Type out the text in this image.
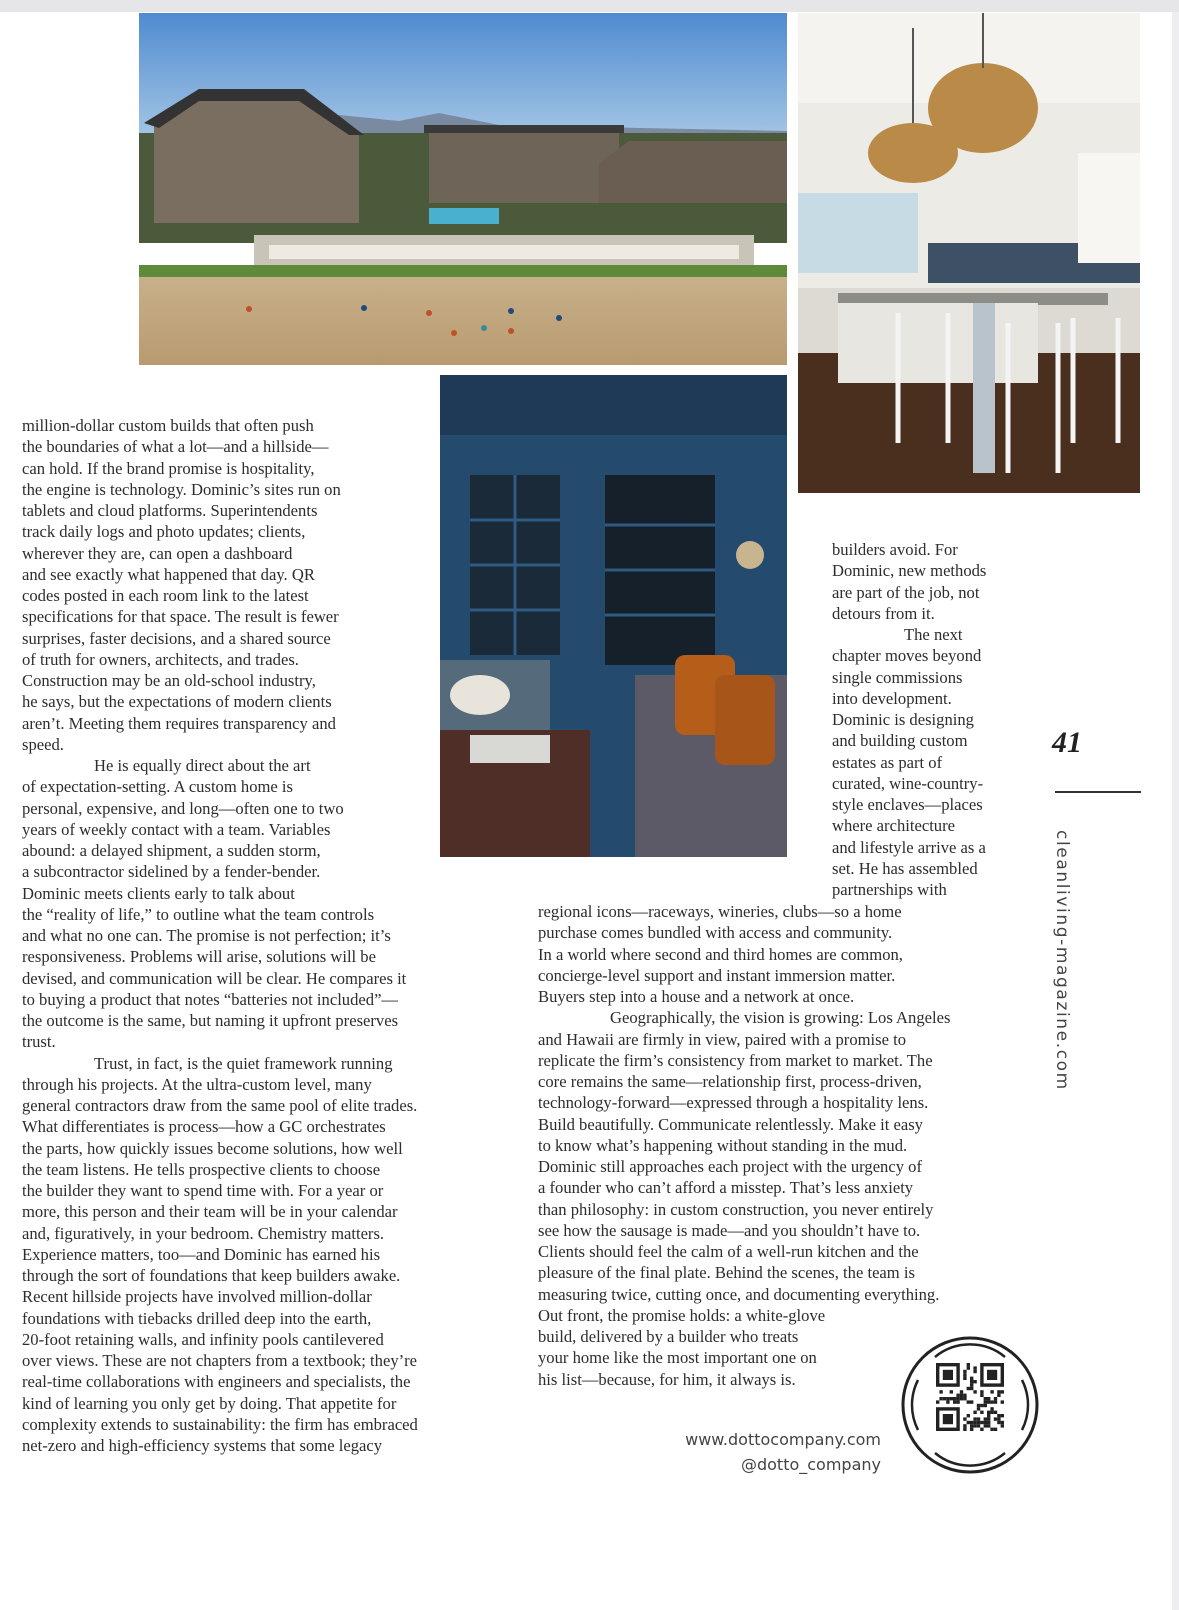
million-dollar custom builds that often push
the boundaries of what a lot—and a hillside—
can hold. If the brand promise is hospitality,
the engine is technology. Dominic’s sites run on
tablets and cloud platforms. Superintendents
track daily logs and photo updates; clients,
wherever they are, can open a dashboard
and see exactly what happened that day. QR
codes posted in each room link to the latest
specifications for that space. The result is fewer
surprises, faster decisions, and a shared source
of truth for owners, architects, and trades.
Construction may be an old-school industry,
he says, but the expectations of modern clients
aren’t. Meeting them requires transparency and
speed.
He is equally direct about the art
of expectation-setting. A custom home is
personal, expensive, and long—often one to two
years of weekly contact with a team. Variables
abound: a delayed shipment, a sudden storm,
a subcontractor sidelined by a fender-bender.
Dominic meets clients early to talk about
the “reality of life,” to outline what the team controls
and what no one can. The promise is not perfection; it’s
responsiveness. Problems will arise, solutions will be
devised, and communication will be clear. He compares it
to buying a product that notes “batteries not included”—
the outcome is the same, but naming it upfront preserves
trust.
Trust, in fact, is the quiet framework running
through his projects. At the ultra-custom level, many
general contractors draw from the same pool of elite trades.
What differentiates is process—how a GC orchestrates
the parts, how quickly issues become solutions, how well
the team listens. He tells prospective clients to choose
the builder they want to spend time with. For a year or
more, this person and their team will be in your calendar
and, figuratively, in your bedroom. Chemistry matters.
Experience matters, too—and Dominic has earned his
through the sort of foundations that keep builders awake.
Recent hillside projects have involved million-dollar
foundations with tiebacks drilled deep into the earth,
20-foot retaining walls, and infinity pools cantilevered
over views. These are not chapters from a textbook; they’re
real-time collaborations with engineers and specialists, the
kind of learning you only get by doing. That appetite for
complexity extends to sustainability: the firm has embraced
net-zero and high-efficiency systems that some legacy
builders avoid. For
Dominic, new methods
are part of the job, not
detours from it.
The next
chapter moves beyond
single commissions
into development.
Dominic is designing
and building custom
estates as part of
curated, wine-country-
style enclaves—places
where architecture
and lifestyle arrive as a
set. He has assembled
partnerships with
regional icons—raceways, wineries, clubs—so a home
purchase comes bundled with access and community.
In a world where second and third homes are common,
concierge-level support and instant immersion matter.
Buyers step into a house and a network at once.
Geographically, the vision is growing: Los Angeles
and Hawaii are firmly in view, paired with a promise to
replicate the firm’s consistency from market to market. The
core remains the same—relationship first, process-driven,
technology-forward—expressed through a hospitality lens.
Build beautifully. Communicate relentlessly. Make it easy
to know what’s happening without standing in the mud.
Dominic still approaches each project with the urgency of
a founder who can’t afford a misstep. That’s less anxiety
than philosophy: in custom construction, you never entirely
see how the sausage is made—and you shouldn’t have to.
Clients should feel the calm of a well-run kitchen and the
pleasure of the final plate. Behind the scenes, the team is
measuring twice, cutting once, and documenting everything.
Out front, the promise holds: a white-glove
build, delivered by a builder who treats
your home like the most important one on
his list—because, for him, it always is.
41
cleanliving-magazine.com
www.dottocompany.com
@dotto_company
